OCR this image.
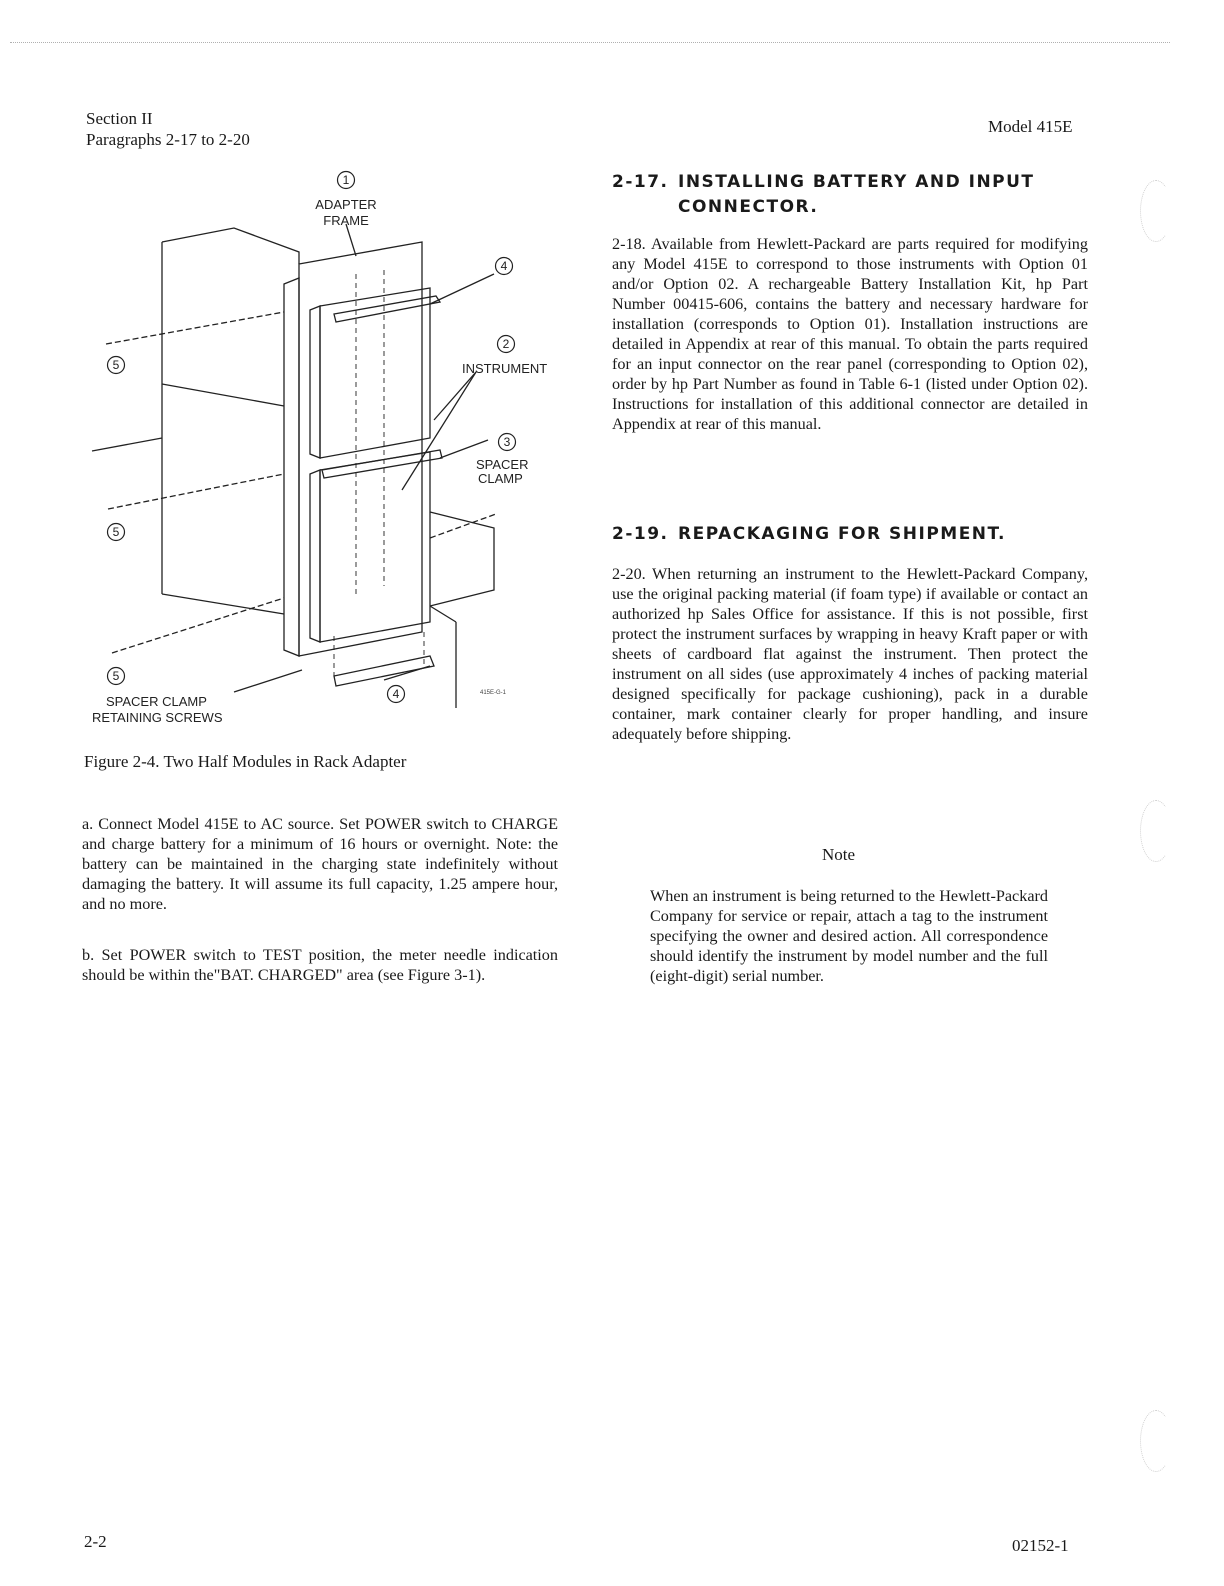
Section II
Paragraphs 2-17 to 2-20
Model 415E
1
4
2
3
4
5
5
5
ADAPTER
FRAME
INSTRUMENT
SPACER
CLAMP
SPACER CLAMP
RETAINING SCREWS
415E-G-1
Figure 2-4. Two Half Modules in Rack Adapter

a. Connect Model 415E to AC source. Set POWER switch to CHARGE and charge battery for a minimum of 16 hours or overnight. Note: the battery can be maintained in the charging state indefinitely without damaging the battery. It will assume its full capacity, 1.25 ampere hour, and no more.

b. Set POWER switch to TEST position, the meter needle indication should be within the"BAT. CHARGED" area (see Figure 3-1).

2-17. INSTALLING BATTERY AND INPUT
CONNECTOR.

2-18. Available from Hewlett-Packard are parts required for modifying any Model 415E to correspond to those instruments with Option 01 and/or Option 02. A rechargeable Battery Installation Kit, hp Part Number 00415-606, contains the battery and necessary hardware for installation (corresponds to Option 01). Installation instructions are detailed in Appendix at rear of this manual. To obtain the parts required for an input connector on the rear panel (corresponding to Option 02), order by hp Part Number as found in Table 6-1 (listed under Option 02). Instructions for installation of this additional connector are detailed in Appendix at rear of this manual.

2-19. REPACKAGING FOR SHIPMENT.

2-20. When returning an instrument to the Hewlett-Packard Company, use the original packing material (if foam type) if available or contact an authorized hp Sales Office for assistance. If this is not possible, first protect the instrument surfaces by wrapping in heavy Kraft paper or with sheets of cardboard flat against the instrument. Then protect the instrument on all sides (use approximately 4 inches of packing material designed specifically for package cushioning), pack in a durable container, mark container clearly for proper handling, and insure adequately before shipping.

Note

When an instrument is being returned to the Hewlett-Packard Company for service or repair, attach a tag to the instrument specifying the owner and desired action. All correspondence should identify the instrument by model number and the full (eight-digit) serial number.

2-2	02152-1
